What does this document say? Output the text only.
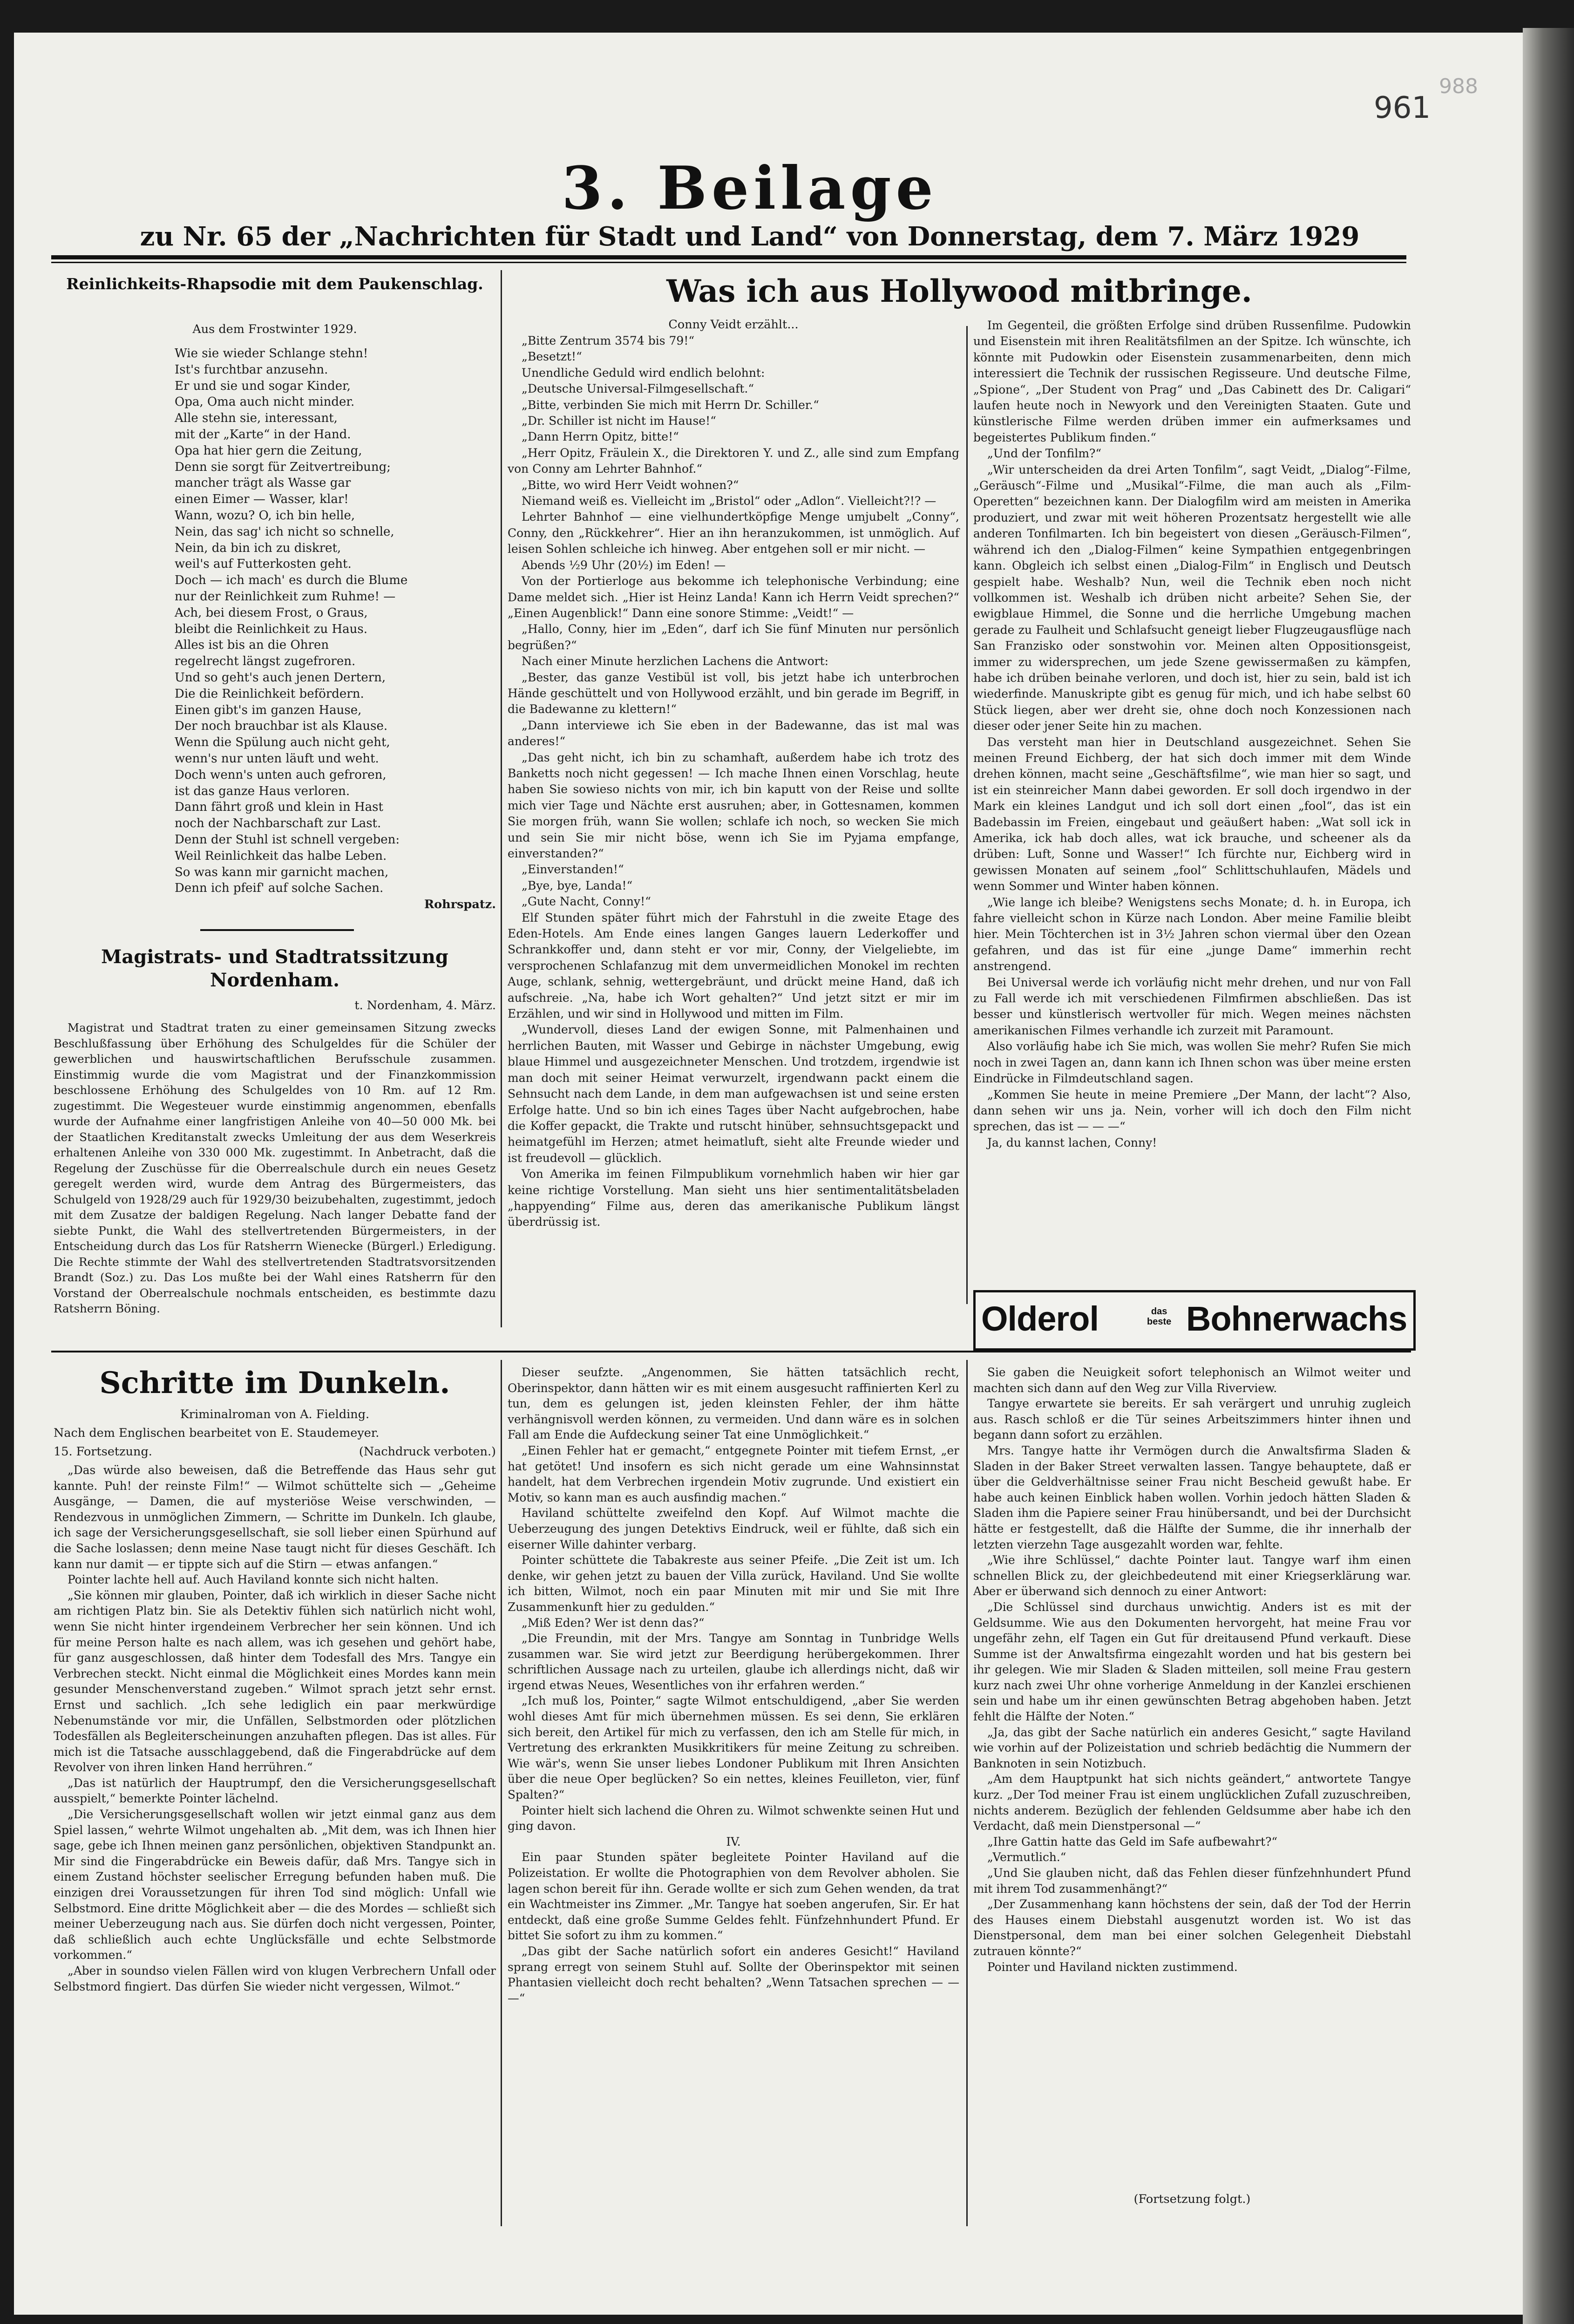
961
988
3. Beilage
zu Nr. 65 der „Nachrichten für Stadt und Land“ von Donnerstag, dem 7. März 1929
Reinlichkeits-Rhapsodie mit dem Paukenschlag.
Aus dem Frostwinter 1929.

Wie sie wieder Schlange stehn!

Ist's furchtbar anzusehn.

Er und sie und sogar Kinder,

Opa, Oma auch nicht minder.

Alle stehn sie, interessant,

mit der „Karte“ in der Hand.

Opa hat hier gern die Zeitung,

Denn sie sorgt für Zeitvertreibung;

mancher trägt als Wasse gar

einen Eimer — Wasser, klar!

Wann, wozu? O, ich bin helle,

Nein, das sag' ich nicht so schnelle,

Nein, da bin ich zu diskret,

weil's auf Futterkosten geht.

Doch — ich mach' es durch die Blume

nur der Reinlichkeit zum Ruhme! —

Ach, bei diesem Frost, o Graus,

bleibt die Reinlichkeit zu Haus.

Alles ist bis an die Ohren

regelrecht längst zugefroren.

Und so geht's auch jenen Dertern,

Die die Reinlichkeit befördern.

Einen gibt's im ganzen Hause,

Der noch brauchbar ist als Klause.

Wenn die Spülung auch nicht geht,

wenn's nur unten läuft und weht.

Doch wenn's unten auch gefroren,

ist das ganze Haus verloren.

Dann fährt groß und klein in Hast

noch der Nachbarschaft zur Last.

Denn der Stuhl ist schnell vergeben:

Weil Reinlichkeit das halbe Leben.

So was kann mir garnicht machen,

Denn ich pfeif' auf solche Sachen.

Rohrspatz.
Magistrats- und Stadtratssitzung Nordenham.
t. Nordenham, 4. März.

Magistrat und Stadtrat traten zu einer gemeinsamen Sitzung zwecks Beschlußfassung über Erhöhung des Schulgeldes für die Schüler der gewerblichen und hauswirtschaftlichen Berufsschule zusammen. Einstimmig wurde die vom Magistrat und der Finanzkommission beschlossene Erhöhung des Schulgeldes von 10 Rm. auf 12 Rm. zugestimmt. Die Wegesteuer wurde einstimmig angenommen, ebenfalls wurde der Aufnahme einer langfristigen Anleihe von 40—50 000 Mk. bei der Staatlichen Kreditanstalt zwecks Umleitung der aus dem Weserkreis erhaltenen Anleihe von 330 000 Mk. zugestimmt. In Anbetracht, daß die Regelung der Zuschüsse für die Oberrealschule durch ein neues Gesetz geregelt werden wird, wurde dem Antrag des Bürgermeisters, das Schulgeld von 1928/29 auch für 1929/30 beizubehalten, zugestimmt, jedoch mit dem Zusatze der baldigen Regelung. Nach langer Debatte fand der siebte Punkt, die Wahl des stellvertretenden Bürgermeisters, in der Entscheidung durch das Los für Ratsherrn Wienecke (Bürgerl.) Erledigung. Die Rechte stimmte der Wahl des stellvertretenden Stadtratsvorsitzenden Brandt (Soz.) zu. Das Los mußte bei der Wahl eines Ratsherrn für den Vorstand der Oberrealschule nochmals entscheiden, es bestimmte dazu Ratsherrn Böning.

Was ich aus Hollywood mitbringe.
Conny Veidt erzählt...

„Bitte Zentrum 3574 bis 79!“

„Besetzt!“

Unendliche Geduld wird endlich belohnt:

„Deutsche Universal-Filmgesellschaft.“

„Bitte, verbinden Sie mich mit Herrn Dr. Schiller.“

„Dr. Schiller ist nicht im Hause!“

„Dann Herrn Opitz, bitte!“

„Herr Opitz, Fräulein X., die Direktoren Y. und Z., alle sind zum Empfang von Conny am Lehrter Bahnhof.“

„Bitte, wo wird Herr Veidt wohnen?“

Niemand weiß es. Vielleicht im „Bristol“ oder „Adlon“. Vielleicht?!? —

Lehrter Bahnhof — eine vielhundertköpfige Menge umjubelt „Conny“, Conny, den „Rückkehrer“. Hier an ihn heranzukommen, ist unmöglich. Auf leisen Sohlen schleiche ich hinweg. Aber entgehen soll er mir nicht. —

Abends ½9 Uhr (20½) im Eden! —

Von der Portierloge aus bekomme ich telephonische Verbindung; eine Dame meldet sich. „Hier ist Heinz Landa! Kann ich Herrn Veidt sprechen?“ „Einen Augenblick!“ Dann eine sonore Stimme: „Veidt!“ —

„Hallo, Conny, hier im „Eden“, darf ich Sie fünf Minuten nur persönlich begrüßen?“

Nach einer Minute herzlichen Lachens die Antwort:

„Bester, das ganze Vestibül ist voll, bis jetzt habe ich unterbrochen Hände geschüttelt und von Hollywood erzählt, und bin gerade im Begriff, in die Badewanne zu klettern!“

„Dann interviewe ich Sie eben in der Badewanne, das ist mal was anderes!“

„Das geht nicht, ich bin zu schamhaft, außerdem habe ich trotz des Banketts noch nicht gegessen! — Ich mache Ihnen einen Vorschlag, heute haben Sie sowieso nichts von mir, ich bin kaputt von der Reise und sollte mich vier Tage und Nächte erst ausruhen; aber, in Gottesnamen, kommen Sie morgen früh, wann Sie wollen; schlafe ich noch, so wecken Sie mich und sein Sie mir nicht böse, wenn ich Sie im Pyjama empfange, einverstanden?“

„Einverstanden!“

„Bye, bye, Landa!“

„Gute Nacht, Conny!“

Elf Stunden später führt mich der Fahrstuhl in die zweite Etage des Eden-Hotels. Am Ende eines langen Ganges lauern Lederkoffer und Schrankkoffer und, dann steht er vor mir, Conny, der Vielgeliebte, im versprochenen Schlafanzug mit dem unvermeidlichen Monokel im rechten Auge, schlank, sehnig, wettergebräunt, und drückt meine Hand, daß ich aufschreie. „Na, habe ich Wort gehalten?“ Und jetzt sitzt er mir im Erzählen, und wir sind in Hollywood und mitten im Film.

„Wundervoll, dieses Land der ewigen Sonne, mit Palmenhainen und herrlichen Bauten, mit Wasser und Gebirge in nächster Umgebung, ewig blaue Himmel und ausgezeichneter Menschen. Und trotzdem, irgendwie ist man doch mit seiner Heimat verwurzelt, irgendwann packt einem die Sehnsucht nach dem Lande, in dem man aufgewachsen ist und seine ersten Erfolge hatte. Und so bin ich eines Tages über Nacht aufgebrochen, habe die Koffer gepackt, die Trakte und rutscht hinüber, sehnsuchtsgepackt und heimatgefühl im Herzen; atmet heimatluft, sieht alte Freunde wieder und ist freudevoll — glücklich.

Von Amerika im feinen Filmpublikum vornehmlich haben wir hier gar keine richtige Vorstellung. Man sieht uns hier sentimentalitätsbeladen „happyending“ Filme aus, deren das amerikanische Publikum längst überdrüssig ist.

Im Gegenteil, die größten Erfolge sind drüben Russenfilme. Pudowkin und Eisenstein mit ihren Realitätsfilmen an der Spitze. Ich wünschte, ich könnte mit Pudowkin oder Eisenstein zusammenarbeiten, denn mich interessiert die Technik der russischen Regisseure. Und deutsche Filme, „Spione“, „Der Student von Prag“ und „Das Cabinett des Dr. Caligari“ laufen heute noch in Newyork und den Vereinigten Staaten. Gute und künstlerische Filme werden drüben immer ein aufmerksames und begeistertes Publikum finden.“

„Und der Tonfilm?“

„Wir unterscheiden da drei Arten Tonfilm“, sagt Veidt, „Dialog“-Filme, „Geräusch“-Filme und „Musikal“-Filme, die man auch als „Film-Operetten“ bezeichnen kann. Der Dialogfilm wird am meisten in Amerika produziert, und zwar mit weit höheren Prozentsatz hergestellt wie alle anderen Tonfilmarten. Ich bin begeistert von diesen „Geräusch-Filmen“, während ich den „Dialog-Filmen“ keine Sympathien entgegenbringen kann. Obgleich ich selbst einen „Dialog-Film“ in Englisch und Deutsch gespielt habe. Weshalb? Nun, weil die Technik eben noch nicht vollkommen ist. Weshalb ich drüben nicht arbeite? Sehen Sie, der ewigblaue Himmel, die Sonne und die herrliche Umgebung machen gerade zu Faulheit und Schlafsucht geneigt lieber Flugzeugausflüge nach San Franzisko oder sonstwohin vor. Meinen alten Oppositionsgeist, immer zu widersprechen, um jede Szene gewissermaßen zu kämpfen, habe ich drüben beinahe verloren, und doch ist, hier zu sein, bald ist ich wiederfinde. Manuskripte gibt es genug für mich, und ich habe selbst 60 Stück liegen, aber wer dreht sie, ohne doch noch Konzessionen nach dieser oder jener Seite hin zu machen.

Das versteht man hier in Deutschland ausgezeichnet. Sehen Sie meinen Freund Eichberg, der hat sich doch immer mit dem Winde drehen können, macht seine „Geschäftsfilme“, wie man hier so sagt, und ist ein steinreicher Mann dabei geworden. Er soll doch irgendwo in der Mark ein kleines Landgut und ich soll dort einen „fool“, das ist ein Badebassin im Freien, eingebaut und geäußert haben: „Wat soll ick in Amerika, ick hab doch alles, wat ick brauche, und scheener als da drüben: Luft, Sonne und Wasser!“ Ich fürchte nur, Eichberg wird in gewissen Monaten auf seinem „fool“ Schlittschuhlaufen, Mädels und wenn Sommer und Winter haben können.

„Wie lange ich bleibe? Wenigstens sechs Monate; d. h. in Europa, ich fahre vielleicht schon in Kürze nach London. Aber meine Familie bleibt hier. Mein Töchterchen ist in 3½ Jahren schon viermal über den Ozean gefahren, und das ist für eine „junge Dame“ immerhin recht anstrengend.

Bei Universal werde ich vorläufig nicht mehr drehen, und nur von Fall zu Fall werde ich mit verschiedenen Filmfirmen abschließen. Das ist besser und künstlerisch wertvoller für mich. Wegen meines nächsten amerikanischen Filmes verhandle ich zurzeit mit Paramount.

Also vorläufig habe ich Sie mich, was wollen Sie mehr? Rufen Sie mich noch in zwei Tagen an, dann kann ich Ihnen schon was über meine ersten Eindrücke in Filmdeutschland sagen.

„Kommen Sie heute in meine Premiere „Der Mann, der lacht“? Also, dann sehen wir uns ja. Nein, vorher will ich doch den Film nicht sprechen, das ist — — —“

Ja, du kannst lachen, Conny!

Olderol	das
beste Bohnerwachs
Schritte im Dunkeln.
Kriminalroman von A. Fielding.
Nach dem Englischen bearbeitet von E. Staudemeyer.
15. Fortsetzung.	(Nachdruck verboten.)

„Das würde also beweisen, daß die Betreffende das Haus sehr gut kannte. Puh! der reinste Film!“ — Wilmot schüttelte sich — „Geheime Ausgänge, — Damen, die auf mysteriöse Weise verschwinden, — Rendezvous in unmöglichen Zimmern, — Schritte im Dunkeln. Ich glaube, ich sage der Versicherungsgesellschaft, sie soll lieber einen Spürhund auf die Sache loslassen; denn meine Nase taugt nicht für dieses Geschäft. Ich kann nur damit — er tippte sich auf die Stirn — etwas anfangen.“

Pointer lachte hell auf. Auch Haviland konnte sich nicht halten.

„Sie können mir glauben, Pointer, daß ich wirklich in dieser Sache nicht am richtigen Platz bin. Sie als Detektiv fühlen sich natürlich nicht wohl, wenn Sie nicht hinter irgendeinem Verbrecher her sein können. Und ich für meine Person halte es nach allem, was ich gesehen und gehört habe, für ganz ausgeschlossen, daß hinter dem Todesfall des Mrs. Tangye ein Verbrechen steckt. Nicht einmal die Möglichkeit eines Mordes kann mein gesunder Menschenverstand zugeben.“ Wilmot sprach jetzt sehr ernst. Ernst und sachlich. „Ich sehe lediglich ein paar merkwürdige Nebenumstände vor mir, die Unfällen, Selbstmorden oder plötzlichen Todesfällen als Begleiterscheinungen anzuhaften pflegen. Das ist alles. Für mich ist die Tatsache ausschlaggebend, daß die Fingerabdrücke auf dem Revolver von ihren linken Hand herrühren.“

„Das ist natürlich der Hauptrumpf, den die Versicherungsgesellschaft ausspielt,“ bemerkte Pointer lächelnd.

„Die Versicherungsgesellschaft wollen wir jetzt einmal ganz aus dem Spiel lassen,“ wehrte Wilmot ungehalten ab. „Mit dem, was ich Ihnen hier sage, gebe ich Ihnen meinen ganz persönlichen, objektiven Standpunkt an. Mir sind die Fingerabdrücke ein Beweis dafür, daß Mrs. Tangye sich in einem Zustand höchster seelischer Erregung befunden haben muß. Die einzigen drei Voraussetzungen für ihren Tod sind möglich: Unfall wie Selbstmord. Eine dritte Möglichkeit aber — die des Mordes — schließt sich meiner Ueberzeugung nach aus. Sie dürfen doch nicht vergessen, Pointer, daß schließlich auch echte Unglücksfälle und echte Selbstmorde vorkommen.“

„Aber in soundso vielen Fällen wird von klugen Verbrechern Unfall oder Selbstmord fingiert. Das dürfen Sie wieder nicht vergessen, Wilmot.“

Dieser seufzte. „Angenommen, Sie hätten tatsächlich recht, Oberinspektor, dann hätten wir es mit einem ausgesucht raffinierten Kerl zu tun, dem es gelungen ist, jeden kleinsten Fehler, der ihm hätte verhängnisvoll werden können, zu vermeiden. Und dann wäre es in solchen Fall am Ende die Aufdeckung seiner Tat eine Unmöglichkeit.“

„Einen Fehler hat er gemacht,“ entgegnete Pointer mit tiefem Ernst, „er hat getötet! Und insofern es sich nicht gerade um eine Wahnsinnstat handelt, hat dem Verbrechen irgendein Motiv zugrunde. Und existiert ein Motiv, so kann man es auch ausfindig machen.“

Haviland schüttelte zweifelnd den Kopf. Auf Wilmot machte die Ueberzeugung des jungen Detektivs Eindruck, weil er fühlte, daß sich ein eiserner Wille dahinter verbarg.

Pointer schüttete die Tabakreste aus seiner Pfeife. „Die Zeit ist um. Ich denke, wir gehen jetzt zu bauen der Villa zurück, Haviland. Und Sie wollte ich bitten, Wilmot, noch ein paar Minuten mit mir und Sie mit Ihre Zusammenkunft hier zu gedulden.“

„Miß Eden? Wer ist denn das?“

„Die Freundin, mit der Mrs. Tangye am Sonntag in Tunbridge Wells zusammen war. Sie wird jetzt zur Beerdigung herübergekommen. Ihrer schriftlichen Aussage nach zu urteilen, glaube ich allerdings nicht, daß wir irgend etwas Neues, Wesentliches von ihr erfahren werden.“

„Ich muß los, Pointer,“ sagte Wilmot entschuldigend, „aber Sie werden wohl dieses Amt für mich übernehmen müssen. Es sei denn, Sie erklären sich bereit, den Artikel für mich zu verfassen, den ich am Stelle für mich, in Vertretung des erkrankten Musikkritikers für meine Zeitung zu schreiben. Wie wär's, wenn Sie unser liebes Londoner Publikum mit Ihren Ansichten über die neue Oper beglücken? So ein nettes, kleines Feuilleton, vier, fünf Spalten?“

Pointer hielt sich lachend die Ohren zu. Wilmot schwenkte seinen Hut und ging davon.

IV.

Ein paar Stunden später begleitete Pointer Haviland auf die Polizeistation. Er wollte die Photographien von dem Revolver abholen. Sie lagen schon bereit für ihn. Gerade wollte er sich zum Gehen wenden, da trat ein Wachtmeister ins Zimmer. „Mr. Tangye hat soeben angerufen, Sir. Er hat entdeckt, daß eine große Summe Geldes fehlt. Fünfzehnhundert Pfund. Er bittet Sie sofort zu ihm zu kommen.“

„Das gibt der Sache natürlich sofort ein anderes Gesicht!“ Haviland sprang erregt von seinem Stuhl auf. Sollte der Oberinspektor mit seinen Phantasien vielleicht doch recht behalten? „Wenn Tatsachen sprechen — — —“

Sie gaben die Neuigkeit sofort telephonisch an Wilmot weiter und machten sich dann auf den Weg zur Villa Riverview.

Tangye erwartete sie bereits. Er sah verärgert und unruhig zugleich aus. Rasch schloß er die Tür seines Arbeitszimmers hinter ihnen und begann dann sofort zu erzählen.

Mrs. Tangye hatte ihr Vermögen durch die Anwaltsfirma Sladen & Sladen in der Baker Street verwalten lassen. Tangye behauptete, daß er über die Geldverhältnisse seiner Frau nicht Bescheid gewußt habe. Er habe auch keinen Einblick haben wollen. Vorhin jedoch hätten Sladen & Sladen ihm die Papiere seiner Frau hinübersandt, und bei der Durchsicht hätte er festgestellt, daß die Hälfte der Summe, die ihr innerhalb der letzten vierzehn Tage ausgezahlt worden war, fehlte.

„Wie ihre Schlüssel,“ dachte Pointer laut. Tangye warf ihm einen schnellen Blick zu, der gleichbedeutend mit einer Kriegserklärung war. Aber er überwand sich dennoch zu einer Antwort:

„Die Schlüssel sind durchaus unwichtig. Anders ist es mit der Geldsumme. Wie aus den Dokumenten hervorgeht, hat meine Frau vor ungefähr zehn, elf Tagen ein Gut für dreitausend Pfund verkauft. Diese Summe ist der Anwaltsfirma eingezahlt worden und hat bis gestern bei ihr gelegen. Wie mir Sladen & Sladen mitteilen, soll meine Frau gestern kurz nach zwei Uhr ohne vorherige Anmeldung in der Kanzlei erschienen sein und habe um ihr einen gewünschten Betrag abgehoben haben. Jetzt fehlt die Hälfte der Noten.“

„Ja, das gibt der Sache natürlich ein anderes Gesicht,“ sagte Haviland wie vorhin auf der Polizeistation und schrieb bedächtig die Nummern der Banknoten in sein Notizbuch.

„Am dem Hauptpunkt hat sich nichts geändert,“ antwortete Tangye kurz. „Der Tod meiner Frau ist einem unglücklichen Zufall zuzuschreiben, nichts anderem. Bezüglich der fehlenden Geldsumme aber habe ich den Verdacht, daß mein Dienstpersonal —“

„Ihre Gattin hatte das Geld im Safe aufbewahrt?“

„Vermutlich.“

„Und Sie glauben nicht, daß das Fehlen dieser fünfzehnhundert Pfund mit ihrem Tod zusammenhängt?“

„Der Zusammenhang kann höchstens der sein, daß der Tod der Herrin des Hauses einem Diebstahl ausgenutzt worden ist. Wo ist das Dienstpersonal, dem man bei einer solchen Gelegenheit Diebstahl zutrauen könnte?“

Pointer und Haviland nickten zustimmend.

(Fortsetzung folgt.)
